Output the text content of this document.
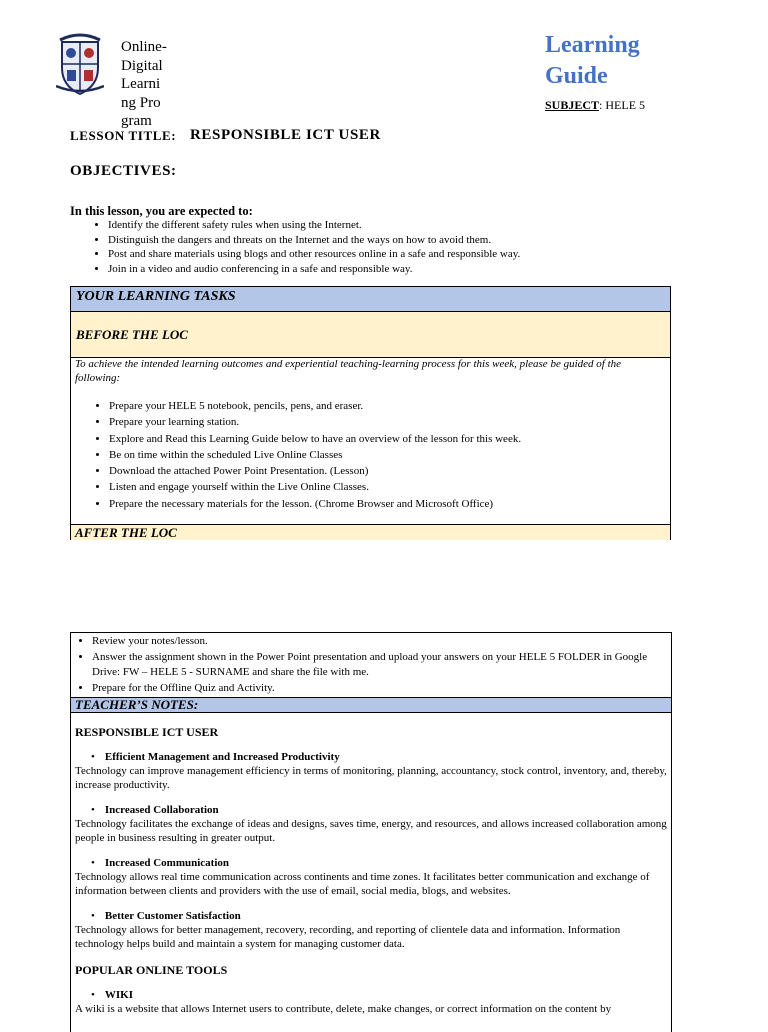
Online-Digital Learning Program
Learning Guide
SUBJECT: HELE 5
LESSON TITLE: RESPONSIBLE ICT USER
OBJECTIVES:
In this lesson, you are expected to:
• Identify the different safety rules when using the Internet.
• Distinguish the dangers and threats on the Internet and the ways on how to avoid them.
• Post and share materials using blogs and other resources online in a safe and responsible way.
• Join in a video and audio conferencing in a safe and responsible way.
YOUR LEARNING TASKS
BEFORE THE LOC
To achieve the intended learning outcomes and experiential teaching-learning process for this week, please be guided of the following:
• Prepare your HELE 5 notebook, pencils, pens, and eraser.
• Prepare your learning station.
• Explore and Read this Learning Guide below to have an overview of the lesson for this week.
• Be on time within the scheduled Live Online Classes
• Download the attached Power Point Presentation. (Lesson)
• Listen and engage yourself within the Live Online Classes.
• Prepare the necessary materials for the lesson. (Chrome Browser and Microsoft Office)
AFTER THE LOC
• Review your notes/lesson.
• Answer the assignment shown in the Power Point presentation and upload your answers on your HELE 5 FOLDER in Google Drive: FW – HELE 5 - SURNAME and share the file with me.
• Prepare for the Offline Quiz and Activity.
TEACHER’S NOTES:
RESPONSIBLE ICT USER
• Efficient Management and Increased Productivity

Technology can improve management efficiency in terms of monitoring, planning, accountancy, stock control, inventory, and, thereby, increase productivity.

• Increased Collaboration

Technology facilitates the exchange of ideas and designs, saves time, energy, and resources, and allows increased collaboration among people in business resulting in greater output.

• Increased Communication

Technology allows real time communication across continents and time zones. It facilitates better communication and exchange of information between clients and providers with the use of email, social media, blogs, and websites.

• Better Customer Satisfaction

Technology allows for better management, recovery, recording, and reporting of clientele data and information. Information technology helps build and maintain a system for managing customer data.

POPULAR ONLINE TOOLS
• WIKI

A wiki is a website that allows Internet users to contribute, delete, make changes, or correct information on the content by
